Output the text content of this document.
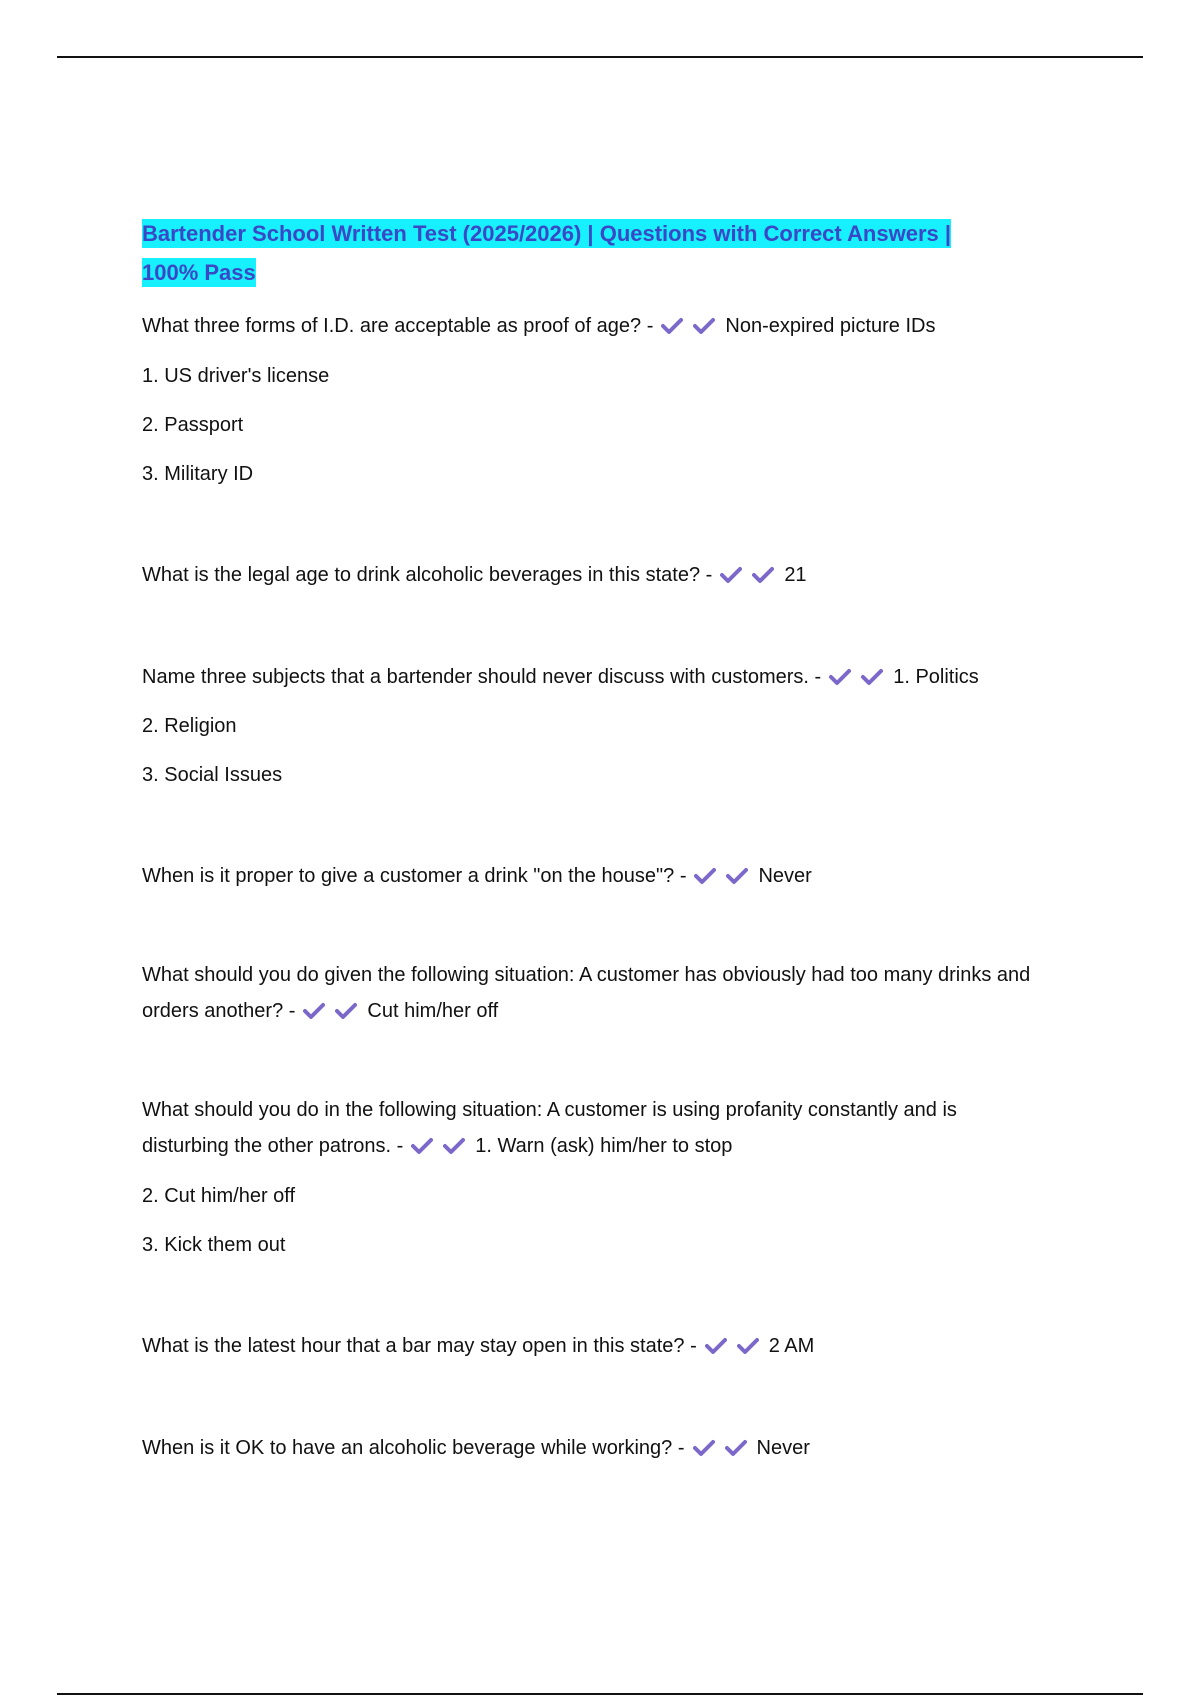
Bartender School Written Test (2025/2026) | Questions with Correct Answers |
100% Pass
What three forms of I.D. are acceptable as proof of age? -	Non-expired picture IDs
1. US driver's license
2. Passport
3. Military ID
What is the legal age to drink alcoholic beverages in this state? -	21
Name three subjects that a bartender should never discuss with customers. -	1. Politics
2. Religion
3. Social Issues
When is it proper to give a customer a drink "on the house"? -	Never
What should you do given the following situation: A customer has obviously had too many drinks and orders another? -	Cut him/her off
What should you do in the following situation: A customer is using profanity constantly and is disturbing the other patrons. -	1. Warn (ask) him/her to stop
2. Cut him/her off
3. Kick them out
What is the latest hour that a bar may stay open in this state? -	2 AM
When is it OK to have an alcoholic beverage while working? -	Never
